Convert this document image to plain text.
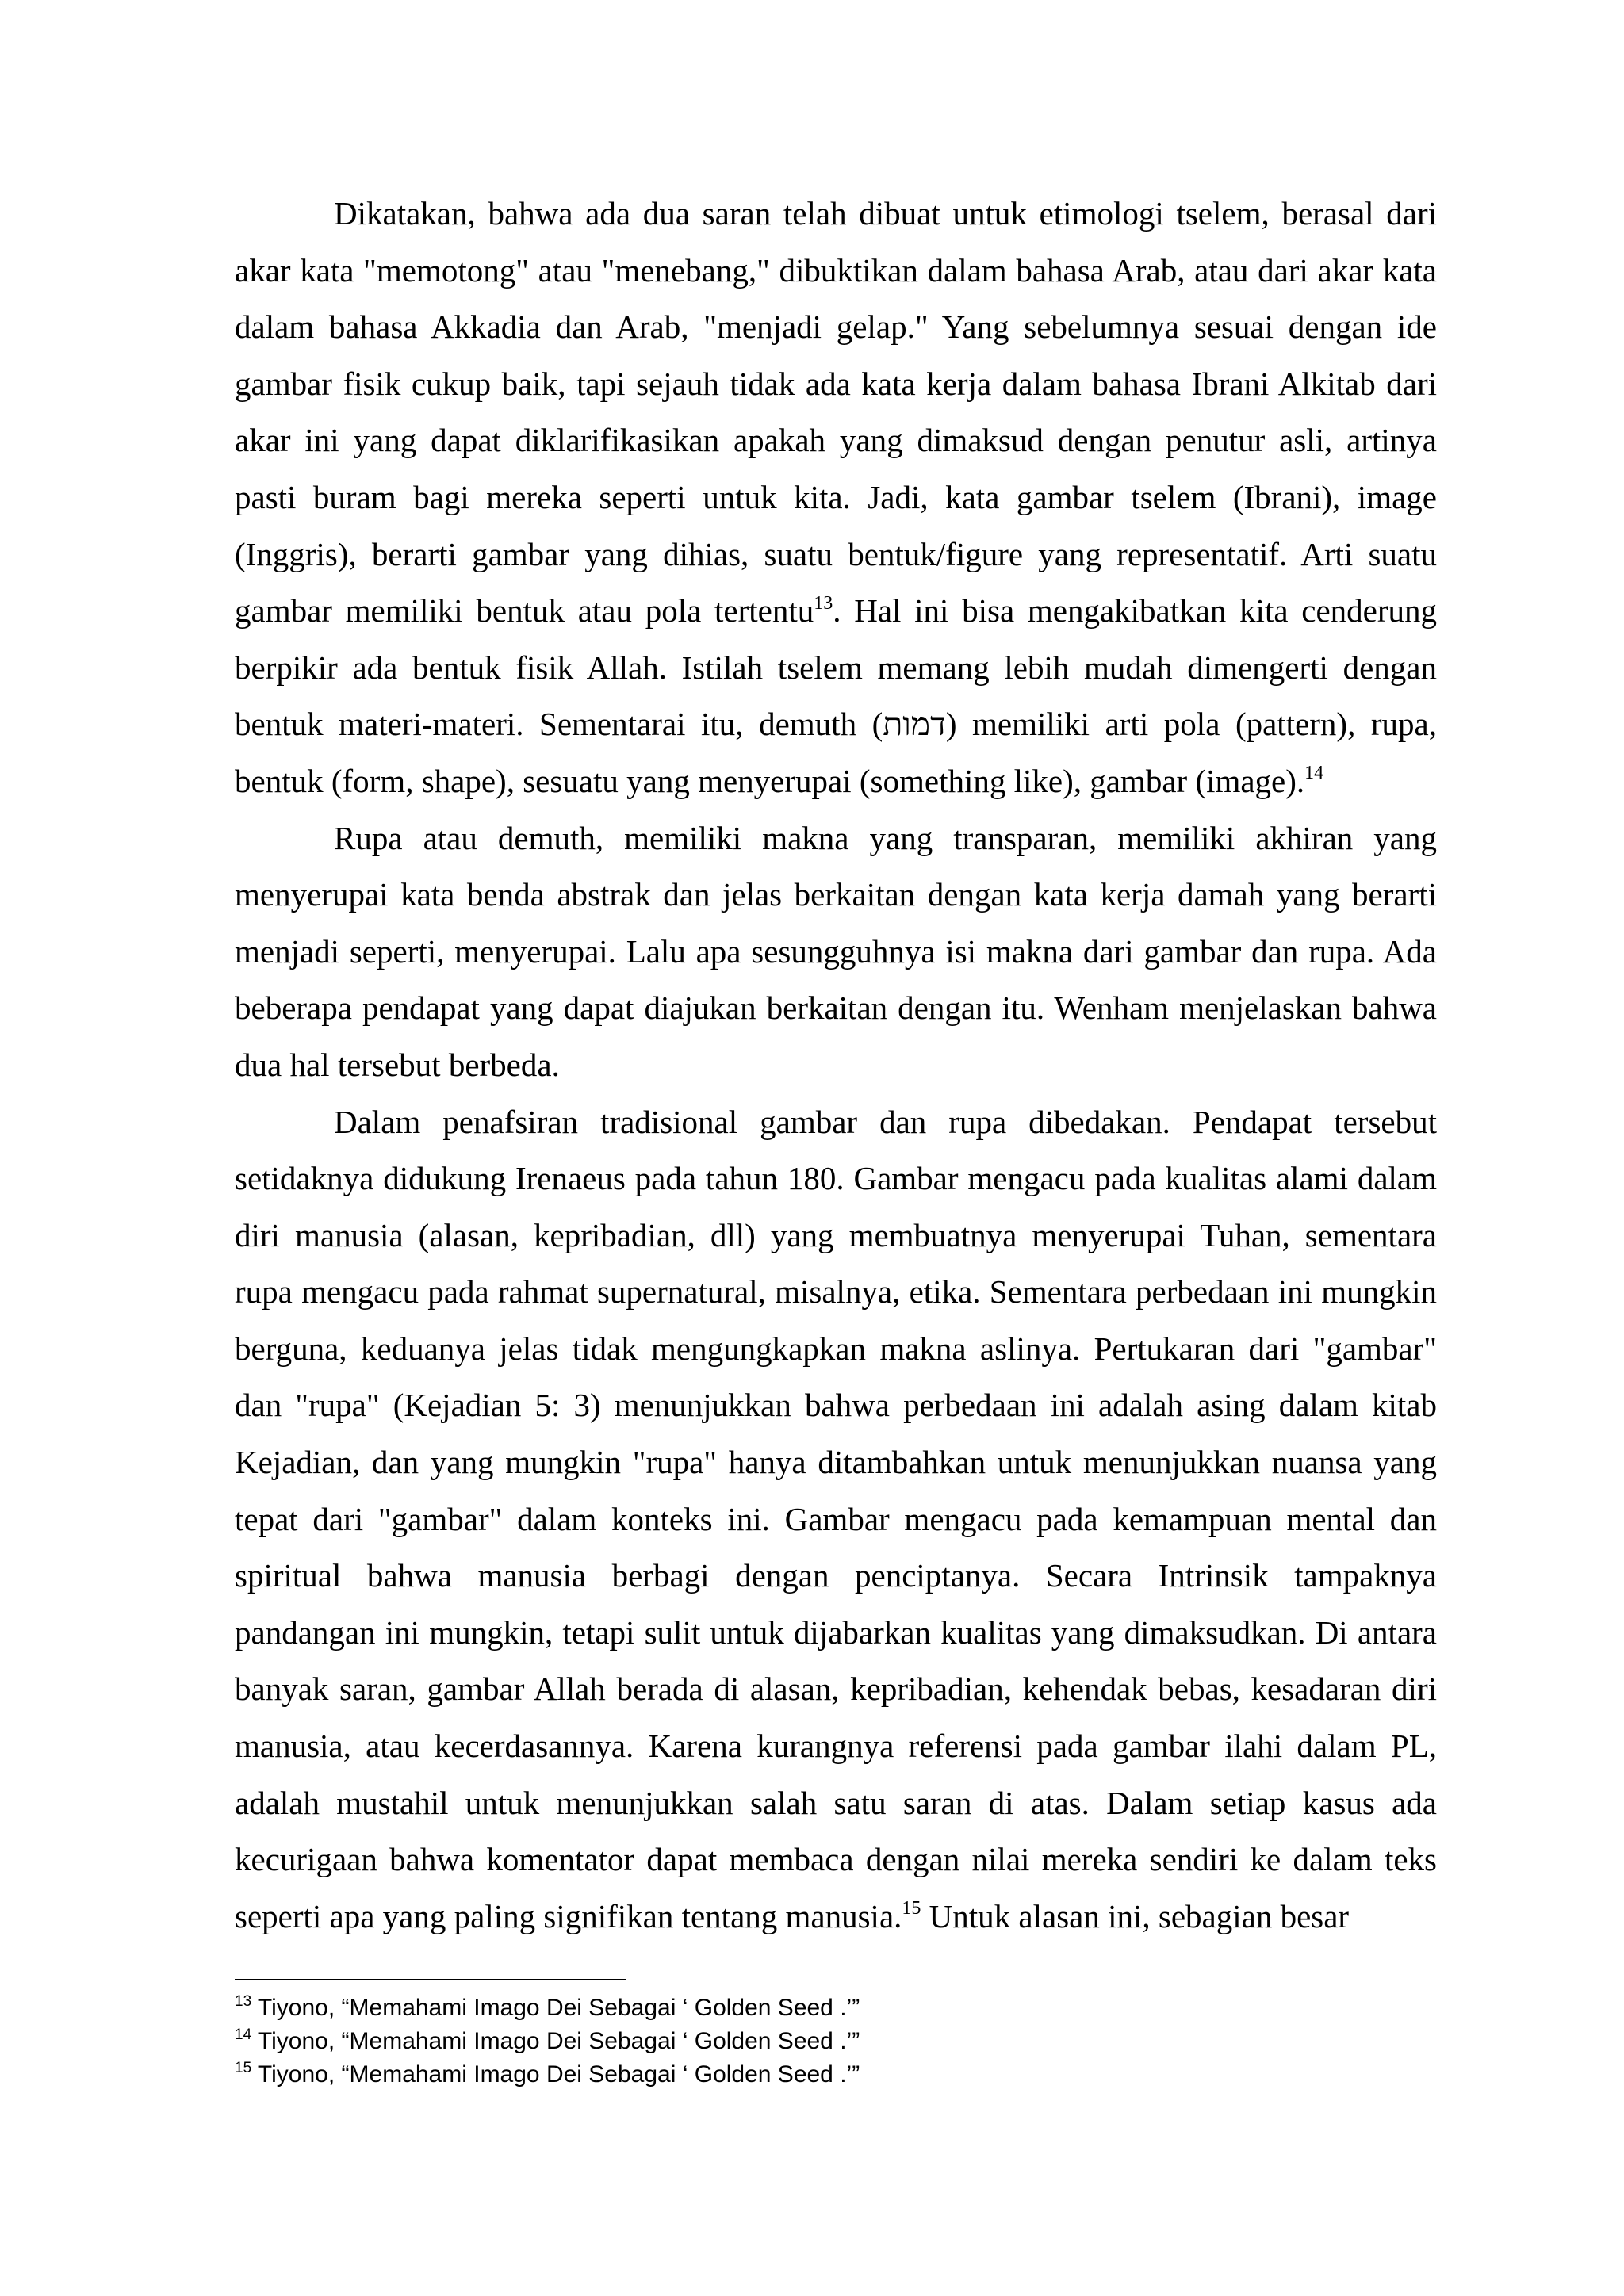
Dikatakan, bahwa ada dua saran telah dibuat untuk etimologi tselem, berasal dari akar kata "memotong" atau "menebang," dibuktikan dalam bahasa Arab, atau dari akar kata dalam bahasa Akkadia dan Arab, "menjadi gelap." Yang sebelumnya sesuai dengan ide gambar fisik cukup baik, tapi sejauh tidak ada kata kerja dalam bahasa Ibrani Alkitab dari akar ini yang dapat diklarifikasikan apakah yang dimaksud dengan penutur asli, artinya pasti buram bagi mereka seperti untuk kita. Jadi, kata gambar tselem (Ibrani), image (Inggris), berarti gambar yang dihias, suatu bentuk/figure yang representatif. Arti suatu gambar memiliki bentuk atau pola tertentu$^{13}$. Hal ini bisa mengakibatkan kita cenderung berpikir ada bentuk fisik Allah. Istilah tselem memang lebih mudah dimengerti dengan bentuk materi-materi. Sementarai itu, demuth (דמות) memiliki arti pola (pattern), rupa, bentuk (form, shape), sesuatu yang menyerupai (something like), gambar (image).$^{14}$

Rupa atau demuth, memiliki makna yang transparan, memiliki akhiran yang menyerupai kata benda abstrak dan jelas berkaitan dengan kata kerja damah yang berarti menjadi seperti, menyerupai. Lalu apa sesungguhnya isi makna dari gambar dan rupa. Ada beberapa pendapat yang dapat diajukan berkaitan dengan itu. Wenham menjelaskan bahwa dua hal tersebut berbeda.

Dalam penafsiran tradisional gambar dan rupa dibedakan. Pendapat tersebut setidaknya didukung Irenaeus pada tahun 180. Gambar mengacu pada kualitas alami dalam diri manusia (alasan, kepribadian, dll) yang membuatnya menyerupai Tuhan, sementara rupa mengacu pada rahmat supernatural, misalnya, etika. Sementara perbedaan ini mungkin berguna, keduanya jelas tidak mengungkapkan makna aslinya. Pertukaran dari "gambar" dan "rupa" (Kejadian 5: 3) menunjukkan bahwa perbedaan ini adalah asing dalam kitab Kejadian, dan yang mungkin "rupa" hanya ditambahkan untuk menunjukkan nuansa yang tepat dari "gambar" dalam konteks ini. Gambar mengacu pada kemampuan mental dan spiritual bahwa manusia berbagi dengan penciptanya. Secara Intrinsik tampaknya pandangan ini mungkin, tetapi sulit untuk dijabarkan kualitas yang dimaksudkan. Di antara banyak saran, gambar Allah berada di alasan, kepribadian, kehendak bebas, kesadaran diri manusia, atau kecerdasannya. Karena kurangnya referensi pada gambar ilahi dalam PL, adalah mustahil untuk menunjukkan salah satu saran di atas. Dalam setiap kasus ada kecurigaan bahwa komentator dapat membaca dengan nilai mereka sendiri ke dalam teks seperti apa yang paling signifikan tentang manusia.$^{15}$ Untuk alasan ini, sebagian besar

$^{13}$ Tiyono, “Memahami Imago Dei Sebagai ‘ Golden Seed .’”

$^{14}$ Tiyono, “Memahami Imago Dei Sebagai ‘ Golden Seed .’”

$^{15}$ Tiyono, “Memahami Imago Dei Sebagai ‘ Golden Seed .’”
